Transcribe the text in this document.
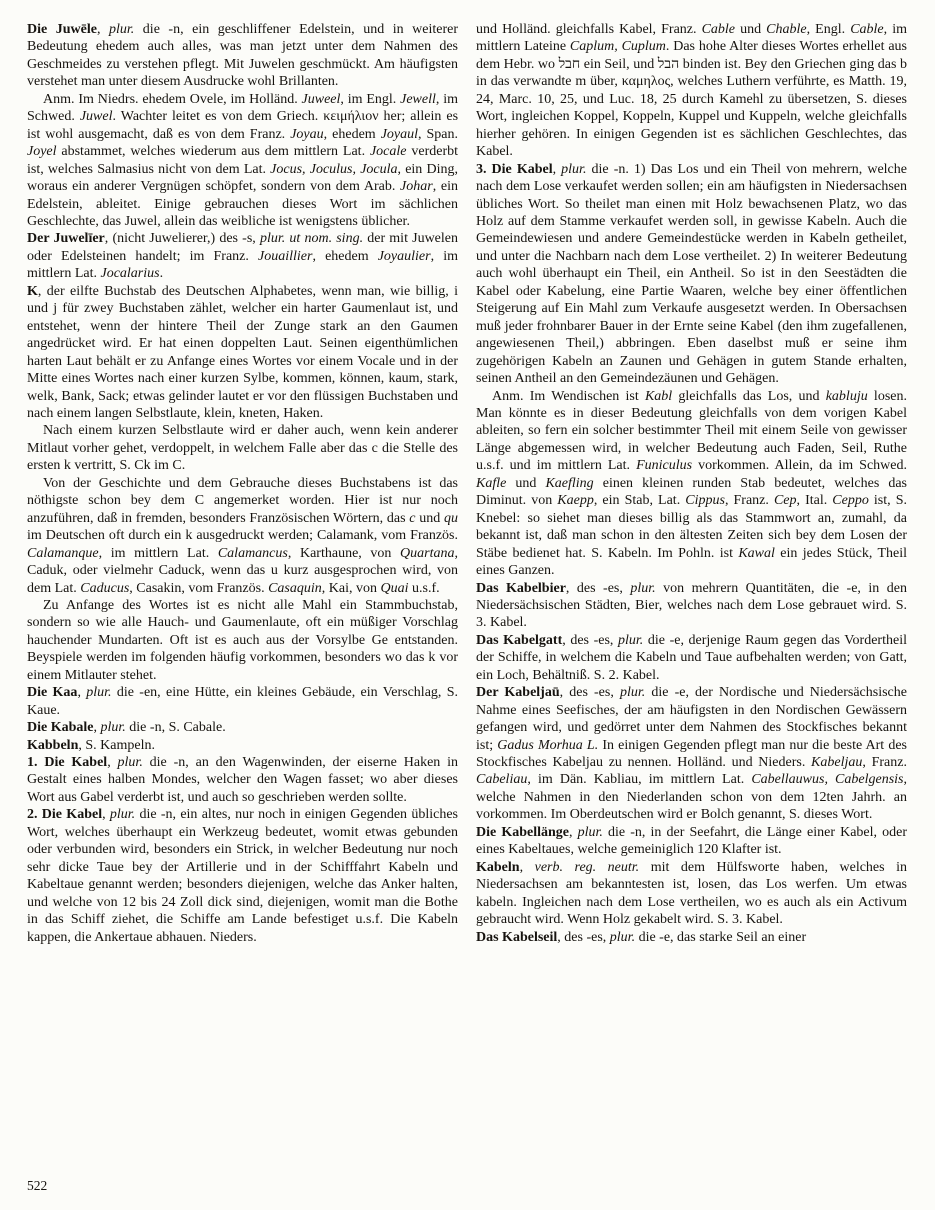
Die Juwēle, plur. die -n, ein geschliffener Edelstein, und in weiterer Bedeutung ehedem auch alles, was man jetzt unter dem Nahmen des Geschmeides zu verstehen pflegt. Mit Juwelen geschmückt. Am häufigsten verstehet man unter diesem Ausdrucke wohl Brillanten.

Anm. Im Niedrs. ehedem Ovele, im Holländ. Juweel, im Engl. Jewell, im Schwed. Juwel. Wachter leitet es von dem Griech. κειμήλιον her; allein es ist wohl ausgemacht, daß es von dem Franz. Joyau, ehedem Joyaul, Span. Joyel abstammet, welches wiederum aus dem mittlern Lat. Jocale verderbt ist, welches Salmasius nicht von dem Lat. Jocus, Joculus, Jocula, ein Ding, woraus ein anderer Vergnügen schöpfet, sondern von dem Arab. Johar, ein Edelstein, ableitet. Einige gebrauchen dieses Wort im sächlichen Geschlechte, das Juwel, allein das weibliche ist wenigstens üblicher.

Der Juwelīer, (nicht Juwelierer,) des -s, plur. ut nom. sing. der mit Juwelen oder Edelsteinen handelt; im Franz. Jouaillier, ehedem Joyaulier, im mittlern Lat. Jocalarius.

K, der eilfte Buchstab des Deutschen Alphabetes, wenn man, wie billig, i und j für zwey Buchstaben zählet, welcher ein harter Gaumenlaut ist, und entstehet, wenn der hintere Theil der Zunge stark an den Gaumen angedrücket wird. Er hat einen doppelten Laut. Seinen eigenthümlichen harten Laut behält er zu Anfange eines Wortes vor einem Vocale und in der Mitte eines Wortes nach einer kurzen Sylbe, kommen, können, kaum, stark, welk, Bank, Sack; etwas gelinder lautet er vor den flüssigen Buchstaben und nach einem langen Selbstlaute, klein, kneten, Haken.

Nach einem kurzen Selbstlaute wird er daher auch, wenn kein anderer Mitlaut vorher gehet, verdoppelt, in welchem Falle aber das c die Stelle des ersten k vertritt, S. Ck im C.

Von der Geschichte und dem Gebrauche dieses Buchstabens ist das nöthigste schon bey dem C angemerket worden. Hier ist nur noch anzuführen, daß in fremden, besonders Französischen Wörtern, das c und qu im Deutschen oft durch ein k ausgedruckt werden; Calamank, vom Französ. Calamanque, im mittlern Lat. Calamancus, Karthaune, von Quartana, Caduk, oder vielmehr Caduck, wenn das u kurz ausgesprochen wird, von dem Lat. Caducus, Casakin, vom Französ. Casaquin, Kai, von Quai u.s.f.

Zu Anfange des Wortes ist es nicht alle Mahl ein Stammbuchstab, sondern so wie alle Hauch- und Gaumenlaute, oft ein müßiger Vorschlag hauchender Mundarten. Oft ist es auch aus der Vorsylbe Ge entstanden. Beyspiele werden im folgenden häufig vorkommen, besonders wo das k vor einem Mitlauter stehet.

Die Kaa, plur. die -en, eine Hütte, ein kleines Gebäude, ein Verschlag, S. Kaue.

Die Kabale, plur. die -n, S. Cabale.

Kabbeln, S. Kampeln.

1. Die Kabel, plur. die -n, an den Wagenwinden, der eiserne Haken in Gestalt eines halben Mondes, welcher den Wagen fasset; wo aber dieses Wort aus Gabel verderbt ist, und auch so geschrieben werden sollte.

2. Die Kabel, plur. die -n, ein altes, nur noch in einigen Gegenden übliches Wort, welches überhaupt ein Werkzeug bedeutet, womit etwas gebunden oder verbunden wird, besonders ein Strick, in welcher Bedeutung nur noch sehr dicke Taue bey der Artillerie und in der Schifffahrt Kabeln und Kabeltaue genannt werden; besonders diejenigen, welche das Anker halten, und welche von 12 bis 24 Zoll dick sind, diejenigen, womit man die Bothe in das Schiff ziehet, die Schiffe am Lande befestiget u.s.f. Die Kabeln kappen, die Ankertaue abhauen. Nieders.

und Holländ. gleichfalls Kabel, Franz. Cable und Chable, Engl. Cable, im mittlern Lateine Caplum, Cuplum. Das hohe Alter dieses Wortes erhellet aus dem Hebr. wo חבל ein Seil, und הבל binden ist. Bey den Griechen ging das b in das verwandte m über, καμηλος, welches Luthern verführte, es Matth. 19, 24, Marc. 10, 25, und Luc. 18, 25 durch Kamehl zu übersetzen, S. dieses Wort, ingleichen Koppel, Koppeln, Kuppel und Kuppeln, welche gleichfalls hierher gehören. In einigen Gegenden ist es sächlichen Geschlechtes, das Kabel.

3. Die Kabel, plur. die -n. 1) Das Los und ein Theil von mehrern, welche nach dem Lose verkaufet werden sollen; ein am häufigsten in Niedersachsen übliches Wort. So theilet man einen mit Holz bewachsenen Platz, wo das Holz auf dem Stamme verkaufet werden soll, in gewisse Kabeln. Auch die Gemeindewiesen und andere Gemeindestücke werden in Kabeln getheilet, und unter die Nachbarn nach dem Lose vertheilet. 2) In weiterer Bedeutung auch wohl überhaupt ein Theil, ein Antheil. So ist in den Seestädten die Kabel oder Kabelung, eine Partie Waaren, welche bey einer öffentlichen Steigerung auf Ein Mahl zum Verkaufe ausgesetzt werden. In Obersachsen muß jeder frohnbarer Bauer in der Ernte seine Kabel (den ihm zugefallenen, angewiesenen Theil,) abbringen. Eben daselbst muß er seine ihm zugehörigen Kabeln an Zaunen und Gehägen in gutem Stande erhalten, seinen Antheil an den Gemeindezäunen und Gehägen.

Anm. Im Wendischen ist Kabl gleichfalls das Los, und kabluju losen. Man könnte es in dieser Bedeutung gleichfalls von dem vorigen Kabel ableiten, so fern ein solcher bestimmter Theil mit einem Seile von gewisser Länge abgemessen wird, in welcher Bedeutung auch Faden, Seil, Ruthe u.s.f. und im mittlern Lat. Funiculus vorkommen. Allein, da im Schwed. Kafle und Kaefling einen kleinen runden Stab bedeutet, welches das Diminut. von Kaepp, ein Stab, Lat. Cippus, Franz. Cep, Ital. Ceppo ist, S. Knebel: so siehet man dieses billig als das Stammwort an, zumahl, da bekannt ist, daß man schon in den ältesten Zeiten sich bey dem Losen der Stäbe bedienet hat. S. Kabeln. Im Pohln. ist Kawal ein jedes Stück, Theil eines Ganzen.

Das Kabelbier, des -es, plur. von mehrern Quantitäten, die -e, in den Niedersächsischen Städten, Bier, welches nach dem Lose gebrauet wird. S. 3. Kabel.

Das Kabelgatt, des -es, plur. die -e, derjenige Raum gegen das Vordertheil der Schiffe, in welchem die Kabeln und Taue aufbehalten werden; von Gatt, ein Loch, Behältniß. S. 2. Kabel.

Der Kabeljaū, des -es, plur. die -e, der Nordische und Niedersächsische Nahme eines Seefisches, der am häufigsten in den Nordischen Gewässern gefangen wird, und gedörret unter dem Nahmen des Stockfisches bekannt ist; Gadus Morhua L. In einigen Gegenden pflegt man nur die beste Art des Stockfisches Kabeljau zu nennen. Holländ. und Nieders. Kabeljau, Franz. Cabeliau, im Dän. Kabliau, im mittlern Lat. Cabellauwus, Cabelgensis, welche Nahmen in den Niederlanden schon von dem 12ten Jahrh. an vorkommen. Im Oberdeutschen wird er Bolch genannt, S. dieses Wort.

Die Kabellänge, plur. die -n, in der Seefahrt, die Länge einer Kabel, oder eines Kabeltaues, welche gemeiniglich 120 Klafter ist.

Kabeln, verb. reg. neutr. mit dem Hülfsworte haben, welches in Niedersachsen am bekanntesten ist, losen, das Los werfen. Um etwas kabeln. Ingleichen nach dem Lose vertheilen, wo es auch als ein Activum gebraucht wird. Wenn Holz gekabelt wird. S. 3. Kabel.

Das Kabelseil, des -es, plur. die -e, das starke Seil an einer

522
